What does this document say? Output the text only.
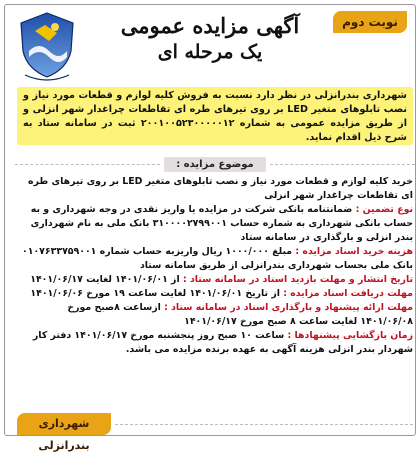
نوبت دوم
آگهی مزایده عمومی
یک مرحله ای
شهرداری بندرانزلی در نظر دارد نسبت به فروش کلیه لوازم و قطعات مورد نیاز و نصب تابلوهای متغیر LED بر روی تیرهای طره ای تقاطعات چراغدار شهر انزلی و از طریق مزایده عمومی به شماره ۲۰۰۱۰۰۵۲۳۰۰۰۰۰۱۲ ثبت در سامانه ستاد به شرح ذیل اقدام نماید.
موضوع مزایده :

خرید کلیه لوازم و قطعات مورد نیاز و نصب تابلوهای متغیر LED بر روی تیرهای طره ای تقاطعات چراغدار شهر انزلی

نوع تضمین : ضمانتنامه بانکی شرکت در مزایده یا واریز نقدی در وجه شهرداری و به حساب بانکی شهرداری به شماره حساب ۳۱۰۰۰۰۲۷۹۹۰۰۱ بانک ملی به نام شهرداری بندر انزلی و بارگذاری در سامانه ستاد

هزینه خرید اسناد مزایده : مبلغ ۱۰۰۰/۰۰۰ ریال واریزبه حساب شماره ۰۱۰۷۶۳۳۷۵۹۰۰۱ بانک ملی بحساب شهرداری بندرانزلی از طریق سامانه ستاد

تاریخ انتشار و مهلت بازدید اسناد در سامانه ستاد : از ۱۴۰۱/۰۶/۰۱ لغایت ۱۴۰۱/۰۶/۱۷

مهلت دریافت اسناد مزایده : از تاریخ ۱۴۰۱/۰۶/۰۱ لغایت ساعت ۱۹ مورخ ۱۴۰۱/۰۶/۰۶

مهلت ارائه پیشنهاد و بارگذاری اسناد در سامانه ستاد : ازساعت ۸صبح مورخ ۱۴۰۱/۰۶/۰۸ لغایت ساعت ۸ صبح مورخ ۱۴۰۱/۰۶/۱۷

زمان بازگشایی پیشنهادها : ساعت ۱۰ صبح روز پنجشنبه مورخ ۱۴۰۱/۰۶/۱۷ دفتر کار شهردار بندر انزلی هزینه آگهی به عهده برنده مزایده می باشد.

شهرداری بندرانزلی
